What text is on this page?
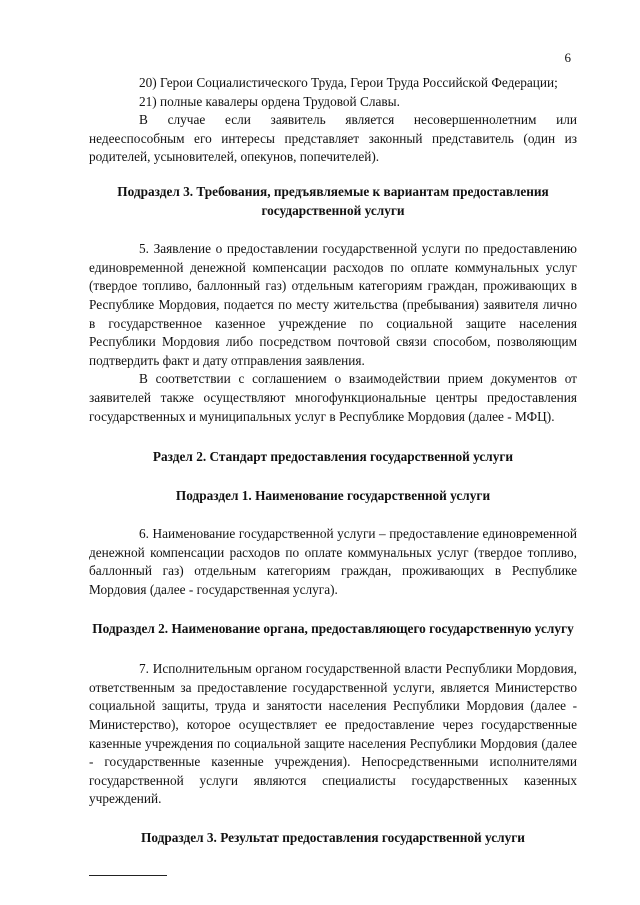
6

20) Герои Социалистического Труда, Герои Труда Российской Федерации;

21) полные кавалеры ордена Трудовой Славы.

В случае если заявитель является несовершеннолетним или недееспособным его интересы представляет законный представитель (один из родителей, усыновителей, опекунов, попечителей).

Подраздел 3. Требования, предъявляемые к вариантам предоставления государственной услуги

5. Заявление о предоставлении государственной услуги по предоставлению единовременной денежной компенсации расходов по оплате коммунальных услуг (твердое топливо, баллонный газ) отдельным категориям граждан, проживающих в Республике Мордовия, подается по месту жительства (пребывания) заявителя лично в государственное казенное учреждение по социальной защите населения Республики Мордовия либо посредством почтовой связи способом, позволяющим подтвердить факт и дату отправления заявления.

В соответствии с соглашением о взаимодействии прием документов от заявителей также осуществляют многофункциональные центры предоставления государственных и муниципальных услуг в Республике Мордовия (далее - МФЦ).

Раздел 2. Стандарт предоставления государственной услуги
Подраздел 1. Наименование государственной услуги

6. Наименование государственной услуги – предоставление единовременной денежной компенсации расходов по оплате коммунальных услуг (твердое топливо, баллонный газ) отдельным категориям граждан, проживающих в Республике Мордовия (далее - государственная услуга).

Подраздел 2. Наименование органа, предоставляющего государственную услугу

7. Исполнительным органом государственной власти Республики Мордовия, ответственным за предоставление государственной услуги, является Министерство социальной защиты, труда и занятости населения Республики Мордовия (далее - Министерство), которое осуществляет ее предоставление через государственные казенные учреждения по социальной защите населения Республики Мордовия (далее - государственные казенные учреждения). Непосредственными исполнителями государственной услуги являются специалисты государственных казенных учреждений.

Подраздел 3. Результат предоставления государственной услуги
